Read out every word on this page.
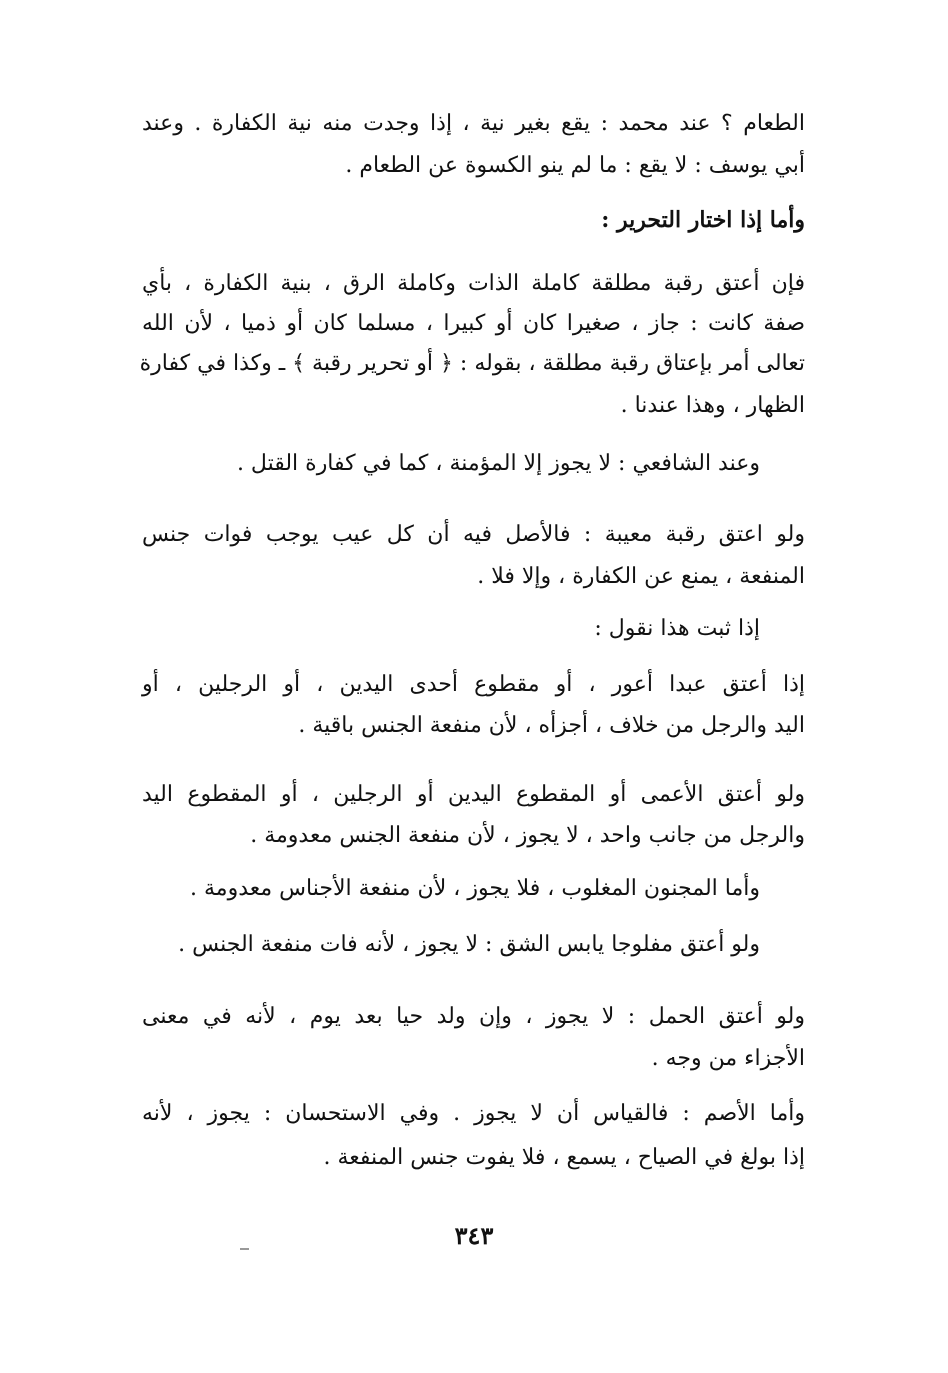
الطعام ؟ عند محمد : يقع بغير نية ، إذا وجدت منه نية الكفارة . وعند

أبي يوسف : لا يقع : ما لم ينو الكسوة عن الطعام .

وأما إذا اختار التحرير :

فإن أعتق رقبة مطلقة كاملة الذات وكاملة الرق ، بنية الكفارة ، بأي

صفة كانت : جاز ، صغيرا كان أو كبيرا ، مسلما كان أو ذميا ، لأن الله

تعالى أمر بإعتاق رقبة مطلقة ، بقوله : ﴿ أو تحرير رقبة ﴾ ـ وكذا في كفارة

الظهار ، وهذا عندنا .

وعند الشافعي : لا يجوز إلا المؤمنة ، كما في كفارة القتل .

ولو اعتق رقبة معيبة : فالأصل فيه أن كل عيب يوجب فوات جنس

المنفعة ، يمنع عن الكفارة ، وإلا فلا .

إذا ثبت هذا نقول :

إذا أعتق عبدا أعور ، أو مقطوع أحدى اليدين ، أو الرجلين ، أو

اليد والرجل من خلاف ، أجزأه ، لأن منفعة الجنس باقية .

ولو أعتق الأعمى أو المقطوع اليدين أو الرجلين ، أو المقطوع اليد

والرجل من جانب واحد ، لا يجوز ، لأن منفعة الجنس معدومة .

وأما المجنون المغلوب ، فلا يجوز ، لأن منفعة الأجناس معدومة .

ولو أعتق مفلوجا يابس الشق : لا يجوز ، لأنه فات منفعة الجنس .

ولو أعتق الحمل : لا يجوز ، وإن ولد حيا بعد يوم ، لأنه في معنى

الأجزاء من وجه .

وأما الأصم : فالقياس أن لا يجوز . وفي الاستحسان : يجوز ، لأنه

إذا بولغ في الصياح ، يسمع ، فلا يفوت جنس المنفعة .

٣٤٣
